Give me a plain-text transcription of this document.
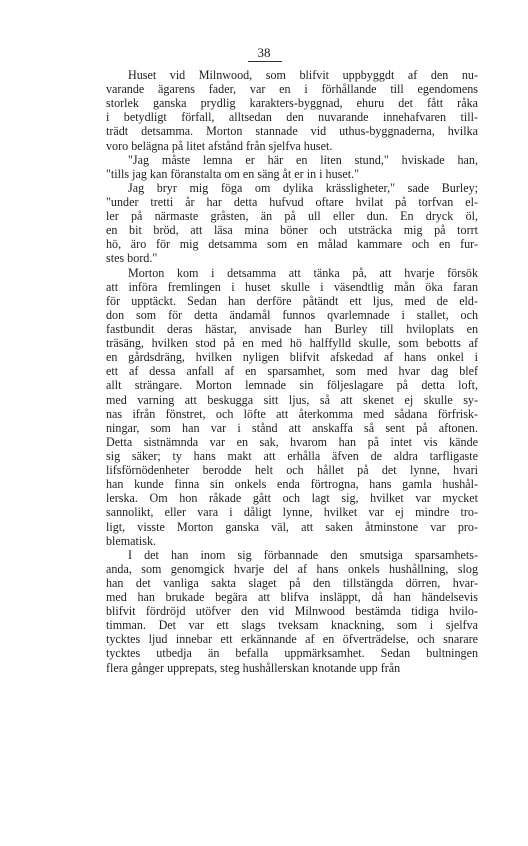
38
Huset vid Milnwood, som blifvit uppbyggdt af den nu-
varande ägarens fader, var en i förhållande till egendomens
storlek ganska prydlig karakters-byggnad, ehuru det fått råka
i betydligt förfall, alltsedan den nuvarande innehafvaren till-
trädt detsamma. Morton stannade vid uthus-byggnaderna, hvilka
voro belägna på litet afstånd från sjelfva huset.
"Jag måste lemna er här en liten stund," hviskade han,
"tills jag kan föranstalta om en säng åt er in i huset."
Jag bryr mig föga om dylika krässligheter," sade Burley;
"under tretti år har detta hufvud oftare hvilat på torfvan el-
ler på närmaste gråsten, än på ull eller dun. En dryck öl,
en bit bröd, att läsa mina böner och utsträcka mig på torrt
hö, äro för mig detsamma som en målad kammare och en fur-
stes bord."
Morton kom i detsamma att tänka på, att hvarje försök
att införa fremlingen i huset skulle i väsendtlig mån öka faran
för upptäckt. Sedan han derföre påtändt ett ljus, med de eld-
don som för detta ändamål funnos qvarlemnade i stallet, och
fastbundit deras hästar, anvisade han Burley till hviloplats en
träsäng, hvilken stod på en med hö halffylld skulle, som bebotts af
en gårdsdräng, hvilken nyligen blifvit afskedad af hans onkel i
ett af dessa anfall af en sparsamhet, som med hvar dag blef
allt strängare. Morton lemnade sin följeslagare på detta loft,
med varning att beskugga sitt ljus, så att skenet ej skulle sy-
nas ifrån fönstret, och löfte att återkomma med sådana förfrisk-
ningar, som han var i stånd att anskaffa så sent på aftonen.
Detta sistnämnda var en sak, hvarom han på intet vis kände
sig säker; ty hans makt att erhålla äfven de aldra tarfligaste
lifsförnödenheter berodde helt och hållet på det lynne, hvari
han kunde finna sin onkels enda förtrogna, hans gamla hushål-
lerska. Om hon råkade gått och lagt sig, hvilket var mycket
sannolikt, eller vara i dåligt lynne, hvilket var ej mindre tro-
ligt, visste Morton ganska väl, att saken åtminstone var pro-
blematisk.
I det han inom sig förbannade den smutsiga sparsamhets-
anda, som genomgick hvarje del af hans onkels hushållning, slog
han det vanliga sakta slaget på den tillstängda dörren, hvar-
med han brukade begära att blifva insläppt, då han händelsevis
blifvit fördröjd utöfver den vid Milnwood bestämda tidiga hvilo-
timman. Det var ett slags tveksam knackning, som i sjelfva
tycktes ljud innebar ett erkännande af en öfverträdelse, och snarare
tycktes utbedja än befalla uppmärksamhet. Sedan bultningen
flera gånger upprepats, steg hushållerskan knotande upp från
